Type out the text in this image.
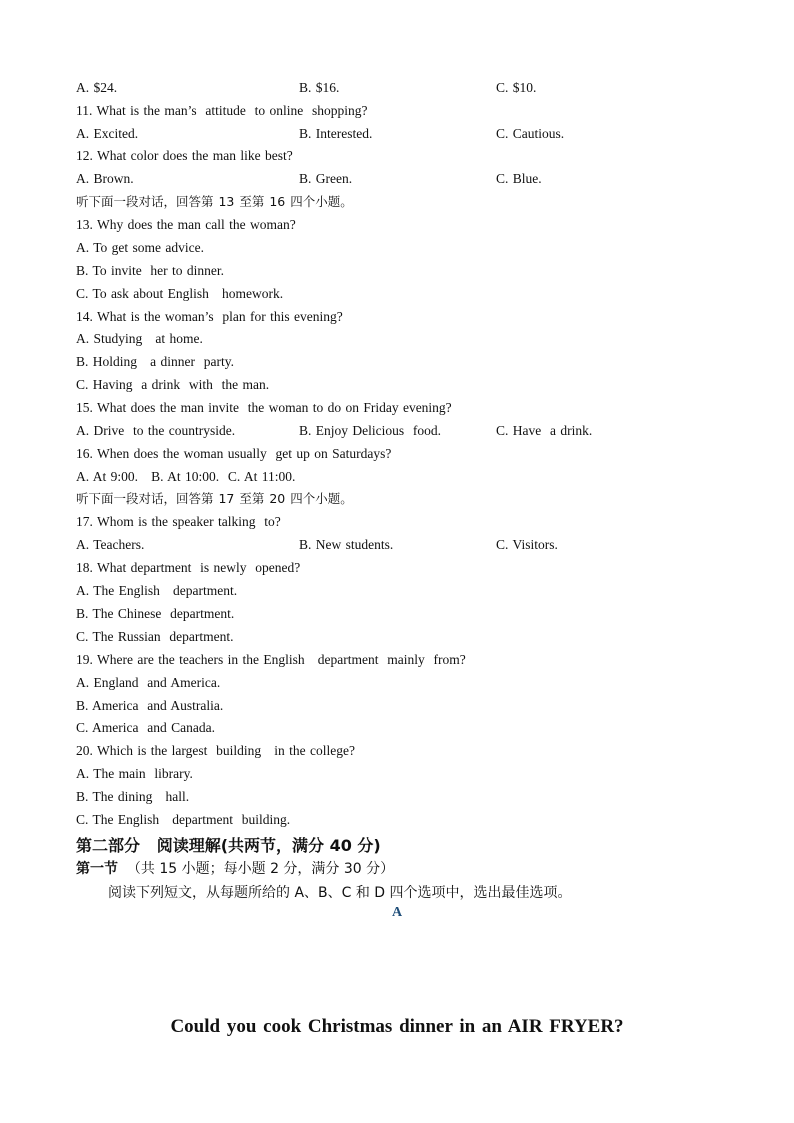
A. $24.	B. $16.	C. $10.
11. What is the man’s  attitude  to online  shopping?
A. Excited.	B. Interested.	C. Cautious.
12. What color does the man like best?
A. Brown.	B. Green.	C. Blue.
听下面一段对话，回答第 13 至第 16 四个小题。
13. Why does the man call the woman?
A. To get some advice.
B. To invite  her to dinner.
C. To ask about English   homework.
14. What is the woman’s  plan for this evening?
A. Studying   at home.
B. Holding   a dinner  party.
C. Having  a drink  with  the man.
15. What does the man invite  the woman to do on Friday evening?
A. Drive  to the countryside.	B. Enjoy Delicious  food.	C. Have  a drink.
16. When does the woman usually  get up on Saturdays?
A. At 9:00.   B. At 10:00.  C. At 11:00.
听下面一段对话，回答第 17 至第 20 四个小题。
17. Whom is the speaker talking  to?
A. Teachers.	B. New students.	C. Visitors.
18. What department  is newly  opened?
A. The English   department.
B. The Chinese  department.
C. The Russian  department.
19. Where are the teachers in the English   department  mainly  from?
A. England  and America.
B. America  and Australia.
C. America  and Canada.
20. Which is the largest  building   in the college?
A. The main  library.
B. The dining   hall.
C. The English   department  building.
第二部分   阅读理解(共两节，满分 40 分)
第一节  （共 15 小题；每小题 2 分，满分 30 分）
阅读下列短文，从每题所给的 A、B、C 和 D 四个选项中，选出最佳选项。
A
Could you cook Christmas dinner in an AIR FRYER?
